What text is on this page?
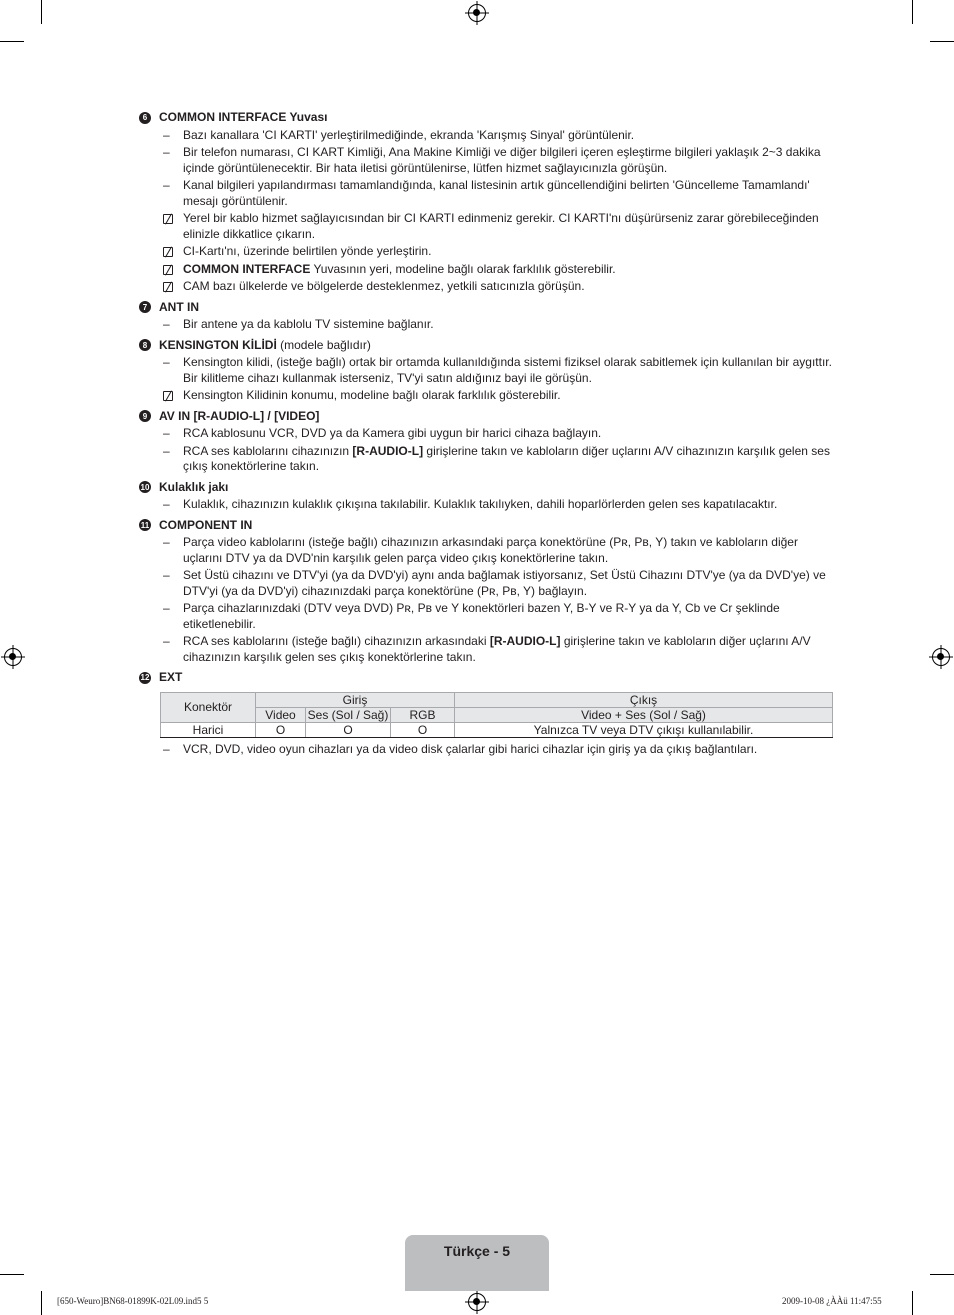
6 COMMON INTERFACE Yuvası
–	Bazı kanallara 'CI KARTI' yerleştirilmediğinde, ekranda 'Karışmış Sinyal' görüntülenir.
–	Bir telefon numarası, CI KART Kimliği, Ana Makine Kimliği ve diğer bilgileri içeren eşleştirme bilgileri yaklaşık 2~3 dakika içinde görüntülenecektir. Bir hata iletisi görüntülenirse, lütfen hizmet sağlayıcınızla görüşün.
–	Kanal bilgileri yapılandırması tamamlandığında, kanal listesinin artık güncellendiğini belirten 'Güncelleme Tamamlandı' mesajı görüntülenir.
Yerel bir kablo hizmet sağlayıcısından bir CI KARTI edinmeniz gerekir. CI KARTI'nı düşürürseniz zarar görebileceğinden elinizle dikkatlice çıkarın.
CI-Kartı'nı, üzerinde belirtilen yönde yerleştirin.
COMMON INTERFACE Yuvasının yeri, modeline bağlı olarak farklılık gösterebilir.
CAM bazı ülkelerde ve bölgelerde desteklenmez, yetkili satıcınızla görüşün.
7 ANT IN
–	Bir antene ya da kablolu TV sistemine bağlanır.
8 KENSINGTON KİLİDİ (modele bağlıdır)
–	Kensington kilidi, (isteğe bağlı) ortak bir ortamda kullanıldığında sistemi fiziksel olarak sabitlemek için kullanılan bir aygıttır. Bir kilitleme cihazı kullanmak isterseniz, TV'yi satın aldığınız bayi ile görüşün.
Kensington Kilidinin konumu, modeline bağlı olarak farklılık gösterebilir.
9 AV IN [R-AUDIO-L] / [VIDEO]
–	RCA kablosunu VCR, DVD ya da Kamera gibi uygun bir harici cihaza bağlayın.
–	RCA ses kablolarını cihazınızın [R-AUDIO-L] girişlerine takın ve kabloların diğer uçlarını A/V cihazınızın karşılık gelen ses çıkış konektörlerine takın.
10 Kulaklık jakı
–	Kulaklık, cihazınızın kulaklık çıkışına takılabilir. Kulaklık takılıyken, dahili hoparlörlerden gelen ses kapatılacaktır.
11 COMPONENT IN
–	Parça video kablolarını (isteğe bağlı) cihazınızın arkasındaki parça konektörüne (Pʀ, Pʙ, Y) takın ve kabloların diğer uçlarını DTV ya da DVD'nin karşılık gelen parça video çıkış konektörlerine takın.
–	Set Üstü cihazını ve DTV'yi (ya da DVD'yi) aynı anda bağlamak istiyorsanız, Set Üstü Cihazını DTV'ye (ya da DVD'ye) ve DTV'yi (ya da DVD'yi) cihazınızdaki parça konektörüne (Pʀ, Pʙ, Y) bağlayın.
–	Parça cihazlarınızdaki (DTV veya DVD) Pʀ, Pʙ ve Y konektörleri bazen Y, B-Y ve R-Y ya da Y, Cb ve Cr şeklinde etiketlenebilir.
–	RCA ses kablolarını (isteğe bağlı) cihazınızın arkasındaki [R-AUDIO-L] girişlerine takın ve kabloların diğer uçlarını A/V cihazınızın karşılık gelen ses çıkış konektörlerine takın.
12 EXT
Konektör	Giriş			Çıkış
	Video	Ses (Sol / Sağ)	RGB	Video + Ses (Sol / Sağ)
Harici	O	O	O	Yalnızca TV veya DTV çıkışı kullanılabilir.
–	VCR, DVD, video oyun cihazları ya da video disk çalarlar gibi harici cihazlar için giriş ya da çıkış bağlantıları.
Türkçe - 5
[650-Weuro]BN68-01899K-02L09.ind5 5	2009-10-08 ¿ÀÀü 11:47:55
